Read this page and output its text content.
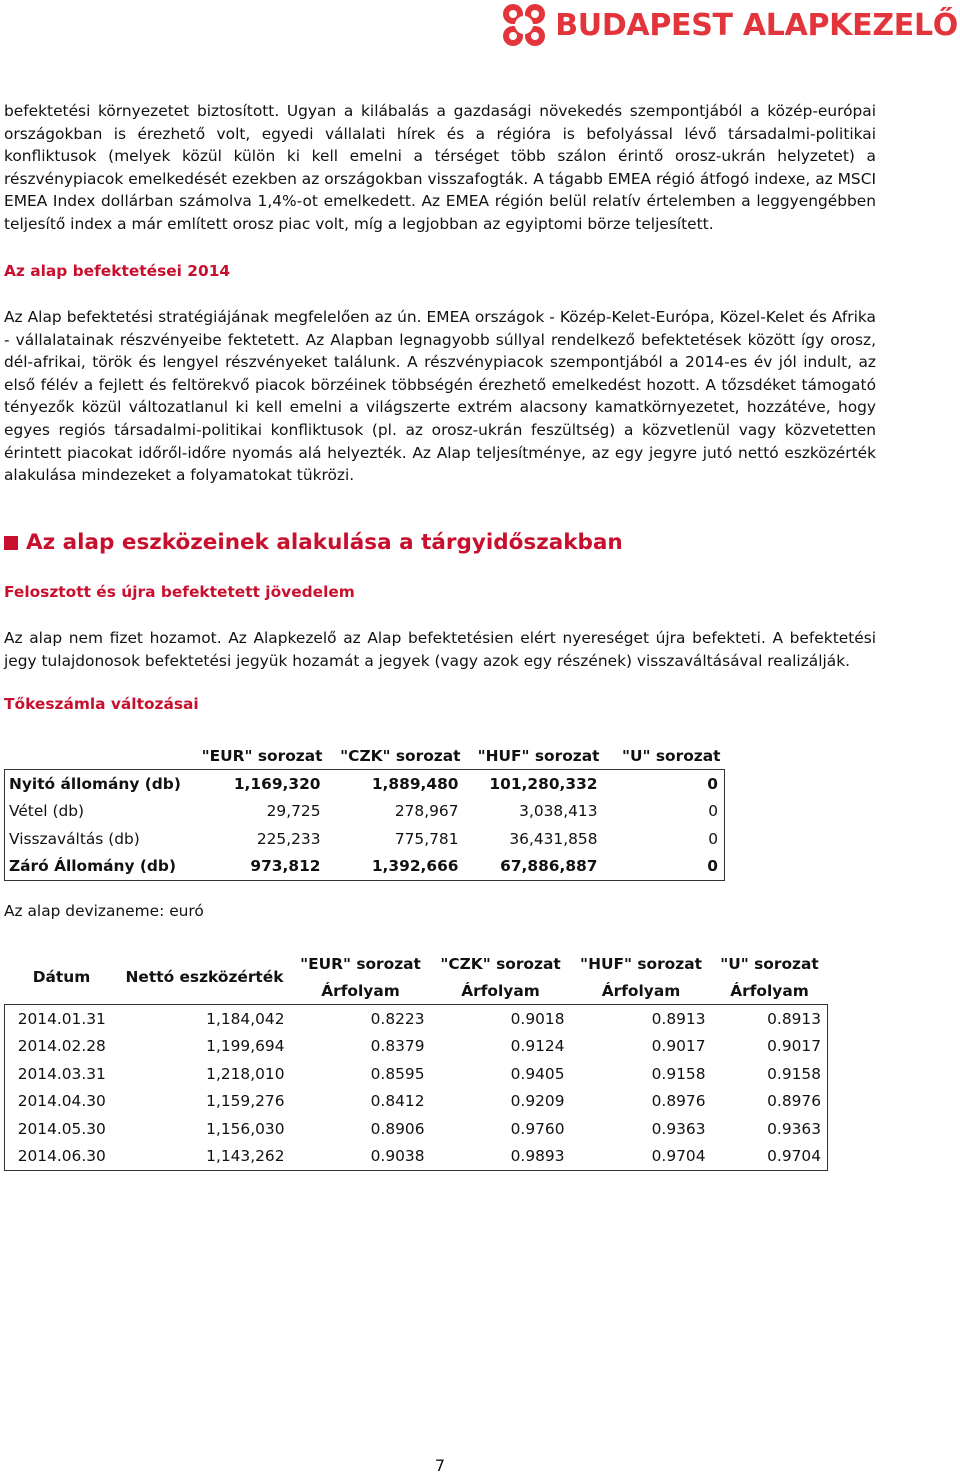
BUDAPEST ALAPKEZELŐ

befektetési környezetet biztosított. Ugyan a kilábalás a gazdasági növekedés szempontjából a közép-európai országokban is érezhető volt, egyedi vállalati hírek és a régióra is befolyással lévő társadalmi-politikai konfliktusok (melyek közül külön ki kell emelni a térséget több szálon érintő orosz-ukrán helyzetet) a részvénypiacok emelkedését ezekben az országokban visszafogták. A tágabb EMEA régió átfogó indexe, az MSCI EMEA Index dollárban számolva 1,4%-ot emelkedett. Az EMEA régión belül relatív értelemben a leggyengébben teljesítő index a már említett orosz piac volt, míg a legjobban az egyiptomi börze teljesített.

Az alap befektetései 2014

Az Alap befektetési stratégiájának megfelelően az ún. EMEA országok - Közép-Kelet-Európa, Közel-Kelet és Afrika - vállalatainak részvényeibe fektetett. Az Alapban legnagyobb súllyal rendelkező befektetések között így orosz, dél-afrikai, török és lengyel részvényeket találunk. A részvénypiacok szempontjából a 2014-es év jól indult, az első félév a fejlett és feltörekvő piacok börzéinek többségén érezhető emelkedést hozott. A tőzsdéket támogató tényezők közül változatlanul ki kell emelni a világszerte extrém alacsony kamatkörnyezetet, hozzátéve, hogy egyes regiós társadalmi-politikai konfliktusok (pl. az orosz-ukrán feszültség) a közvetlenül vagy közvetetten érintett piacokat időről-időre nyomás alá helyezték. Az Alap teljesítménye, az egy jegyre jutó nettó eszközérték alakulása mindezeket a folyamatokat tükrözi.

Az alap eszközeinek alakulása a tárgyidőszakban
Felosztott és újra befektetett jövedelem

Az alap nem fizet hozamot. Az Alapkezelő az Alap befektetésien elért nyereséget újra befekteti. A befektetési jegy tulajdonosok befektetési jegyük hozamát a jegyek (vagy azok egy részének) visszaváltásával realizálják.

Tőkeszámla változásai
	"EUR" sorozat	"CZK" sorozat	"HUF" sorozat	"U" sorozat
Nyitó állomány (db)	1,169,320	1,889,480	101,280,332	0
Vétel (db)	29,725	278,967	3,038,413	0
Visszaváltás (db)	225,233	775,781	36,431,858	0
Záró Állomány (db)	973,812	1,392,666	67,886,887	0

Az alap devizaneme: euró

Dátum	Nettó eszközérték	"EUR" sorozat	"CZK" sorozat	"HUF" sorozat	"U" sorozat
		Árfolyam	Árfolyam	Árfolyam	Árfolyam
2014.01.31	1,184,042	0.8223	0.9018	0.8913	0.8913
2014.02.28	1,199,694	0.8379	0.9124	0.9017	0.9017
2014.03.31	1,218,010	0.8595	0.9405	0.9158	0.9158
2014.04.30	1,159,276	0.8412	0.9209	0.8976	0.8976
2014.05.30	1,156,030	0.8906	0.9760	0.9363	0.9363
2014.06.30	1,143,262	0.9038	0.9893	0.9704	0.9704

7
